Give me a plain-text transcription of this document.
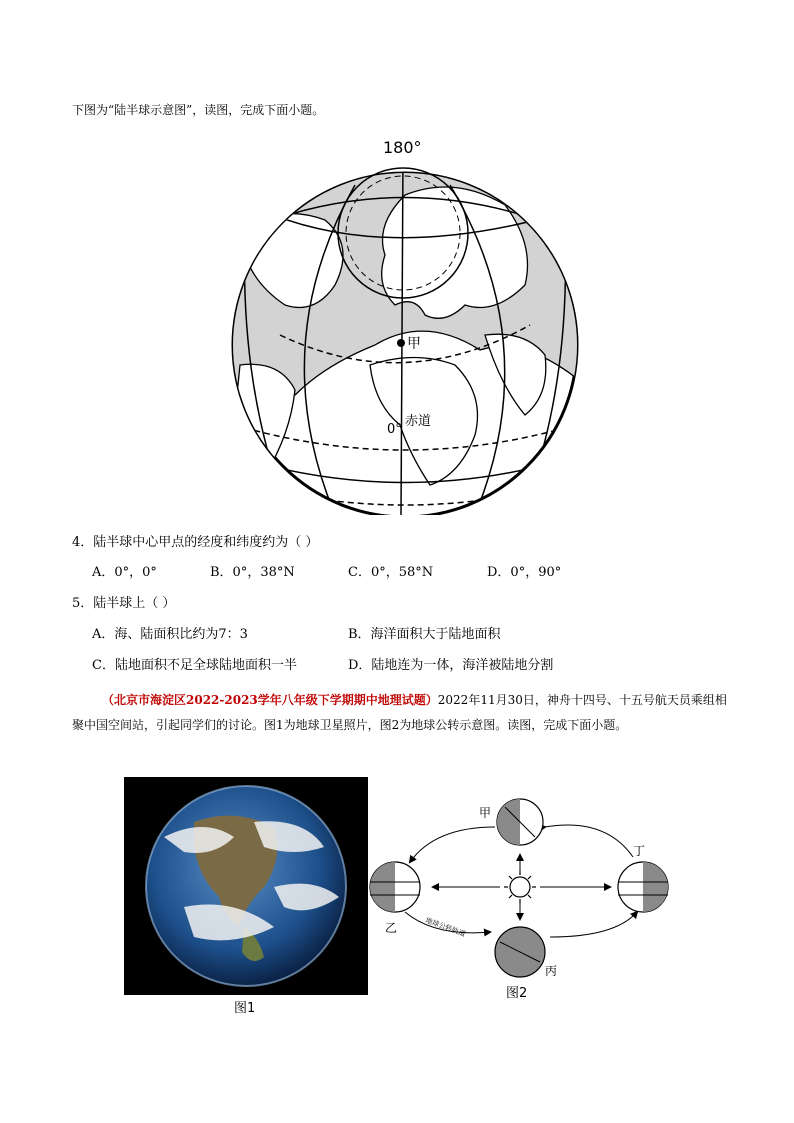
下图为“陆半球示意图”，读图，完成下面小题。
180°
甲
0°
赤道
4．陆半球中心甲点的经度和纬度约为（ ）
A．0°，0°	B．0°，38°N	C．0°，58°N	D．0°，90°
5．陆半球上（ ）
A．海、陆面积比约为7：3	B．海洋面积大于陆地面积
C．陆地面积不足全球陆地面积一半	D．陆地连为一体，海洋被陆地分割
（北京市海淀区2022-2023学年八年级下学期期中地理试题）2022年11月30日，神舟十四号、十五号航天员乘组相聚中国空间站，引起同学们的讨论。图1为地球卫星照片，图2为地球公转示意图。读图，完成下面小题。
图1
甲
乙
丙
丁
地球公转轨道
图2
